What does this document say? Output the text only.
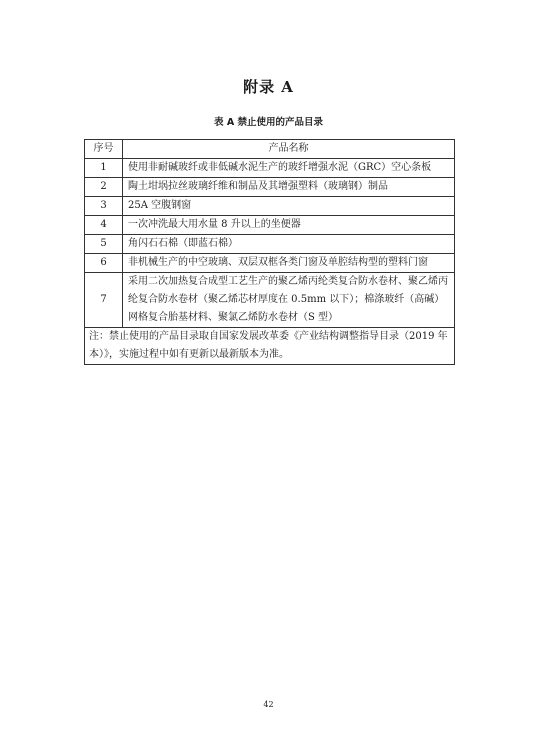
附录 A
表 A 禁止使用的产品目录
序号	产品名称
1	使用非耐碱玻纤或非低碱水泥生产的玻纤增强水泥（GRC）空心条板
2	陶土坩埚拉丝玻璃纤维和制品及其增强塑料（玻璃钢）制品
3	25A 空腹钢窗
4	一次冲洗最大用水量 8 升以上的坐便器
5	角闪石石棉（即蓝石棉）
6	非机械生产的中空玻璃、双层双框各类门窗及单腔结构型的塑料门窗
7	采用二次加热复合成型工艺生产的聚乙烯丙纶类复合防水卷材、聚乙烯丙纶复合防水卷材（聚乙烯芯材厚度在 0.5mm 以下）；棉涤玻纤（高碱）网格复合胎基材料、聚氯乙烯防水卷材（S 型）
注：禁止使用的产品目录取自国家发展改革委《产业结构调整指导目录（2019 年本）》，实施过程中如有更新以最新版本为准。	
42
